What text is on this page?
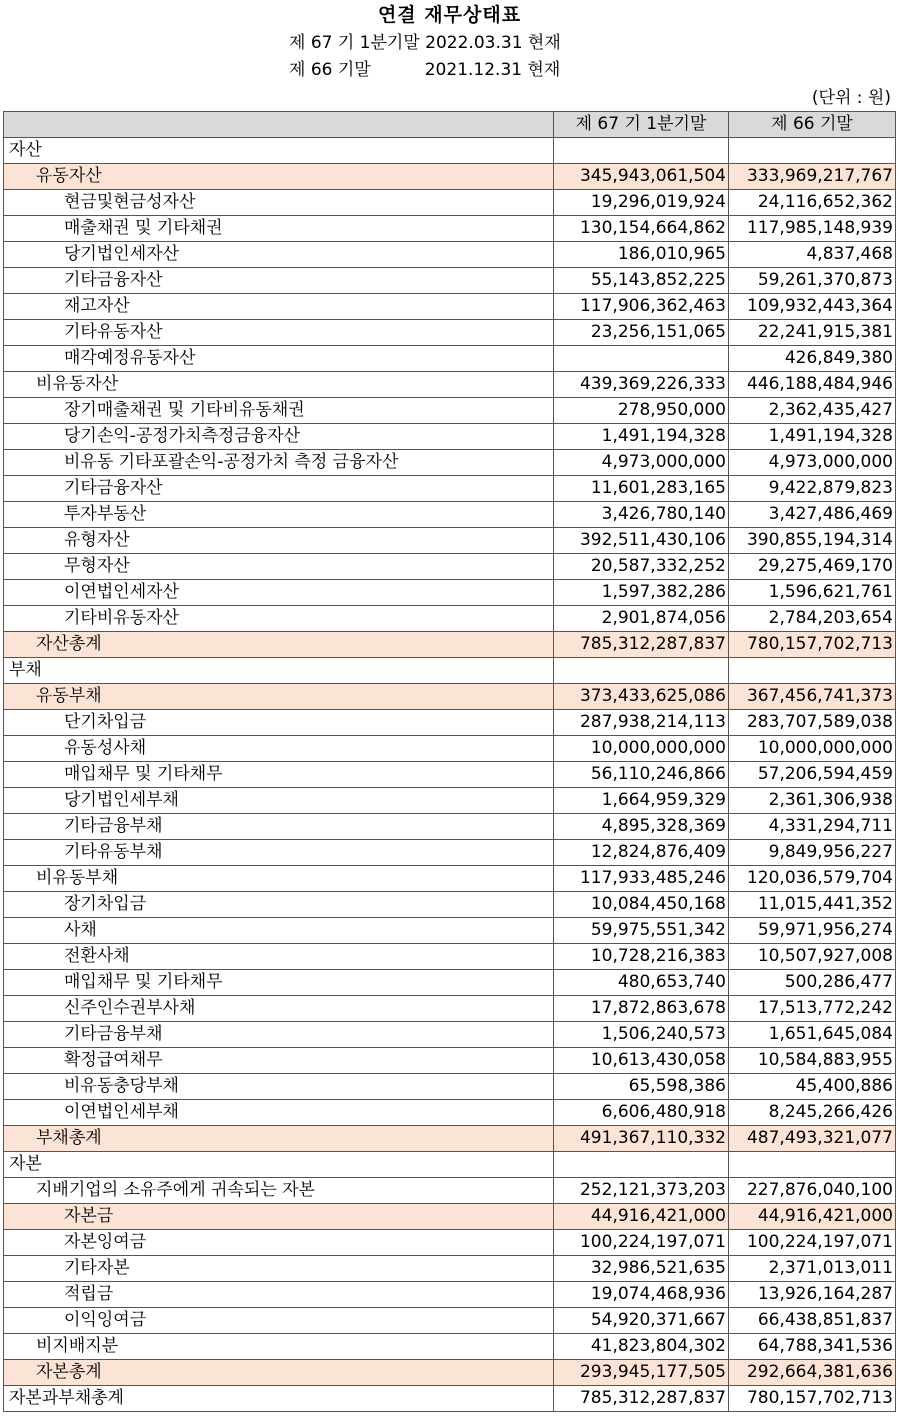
연결 재무상태표
제 67 기 1분기말 2022.03.31 현재
제 66 기말          2021.12.31 현재
(단위 : 원)
	제 67 기 1분기말	제 66 기말
자산		
유동자산	345,943,061,504	333,969,217,767
현금및현금성자산	19,296,019,924	24,116,652,362
매출채권 및 기타채권	130,154,664,862	117,985,148,939
당기법인세자산	186,010,965	4,837,468
기타금융자산	55,143,852,225	59,261,370,873
재고자산	117,906,362,463	109,932,443,364
기타유동자산	23,256,151,065	22,241,915,381
매각예정유동자산		426,849,380
비유동자산	439,369,226,333	446,188,484,946
장기매출채권 및 기타비유동채권	278,950,000	2,362,435,427
당기손익-공정가치측정금융자산	1,491,194,328	1,491,194,328
비유동 기타포괄손익-공정가치 측정 금융자산	4,973,000,000	4,973,000,000
기타금융자산	11,601,283,165	9,422,879,823
투자부동산	3,426,780,140	3,427,486,469
유형자산	392,511,430,106	390,855,194,314
무형자산	20,587,332,252	29,275,469,170
이연법인세자산	1,597,382,286	1,596,621,761
기타비유동자산	2,901,874,056	2,784,203,654
자산총계	785,312,287,837	780,157,702,713
부채		
유동부채	373,433,625,086	367,456,741,373
단기차입금	287,938,214,113	283,707,589,038
유동성사채	10,000,000,000	10,000,000,000
매입채무 및 기타채무	56,110,246,866	57,206,594,459
당기법인세부채	1,664,959,329	2,361,306,938
기타금융부채	4,895,328,369	4,331,294,711
기타유동부채	12,824,876,409	9,849,956,227
비유동부채	117,933,485,246	120,036,579,704
장기차입금	10,084,450,168	11,015,441,352
사채	59,975,551,342	59,971,956,274
전환사채	10,728,216,383	10,507,927,008
매입채무 및 기타채무	480,653,740	500,286,477
신주인수권부사채	17,872,863,678	17,513,772,242
기타금융부채	1,506,240,573	1,651,645,084
확정급여채무	10,613,430,058	10,584,883,955
비유동충당부채	65,598,386	45,400,886
이연법인세부채	6,606,480,918	8,245,266,426
부채총계	491,367,110,332	487,493,321,077
자본		
지배기업의 소유주에게 귀속되는 자본	252,121,373,203	227,876,040,100
자본금	44,916,421,000	44,916,421,000
자본잉여금	100,224,197,071	100,224,197,071
기타자본	32,986,521,635	2,371,013,011
적립금	19,074,468,936	13,926,164,287
이익잉여금	54,920,371,667	66,438,851,837
비지배지분	41,823,804,302	64,788,341,536
자본총계	293,945,177,505	292,664,381,636
자본과부채총계	785,312,287,837	780,157,702,713
